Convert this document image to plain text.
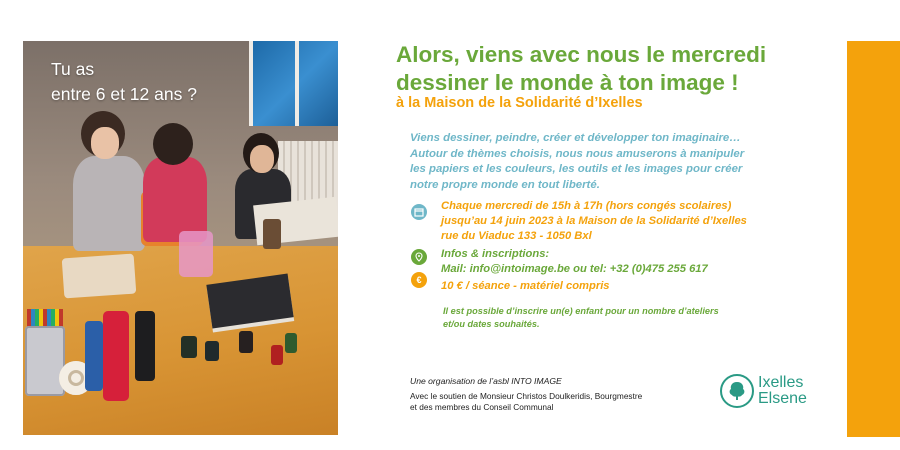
Tu as
entre 6 et 12 ans ?
Alors, viens avec nous le mercredi
dessiner le monde à ton image !
à la Maison de la Solidarité d’Ixelles
Viens dessiner, peindre, créer et développer ton imaginaire…
Autour de thèmes choisis, nous nous amuserons à manipuler
les papiers et les couleurs, les outils et les images pour créer
notre propre monde en tout liberté.
Chaque mercredi de 15h à 17h (hors congés scolaires)
jusqu’au 14 juin 2023 à la Maison de la Solidarité d’Ixelles
rue du Viaduc 133 - 1050 Bxl
Infos & inscriptions:
Mail: info@intoimage.be ou tel: +32 (0)475 255 617
€	10 € / séance - matériel compris
Il est possible d’inscrire un(e) enfant pour un nombre d’ateliers
et/ou dates souhaités.
Une organisation de l’asbl INTO IMAGE
Avec le soutien de Monsieur Christos Doulkeridis, Bourgmestre
et des membres du Conseil Communal
Ixelles
Elsene
